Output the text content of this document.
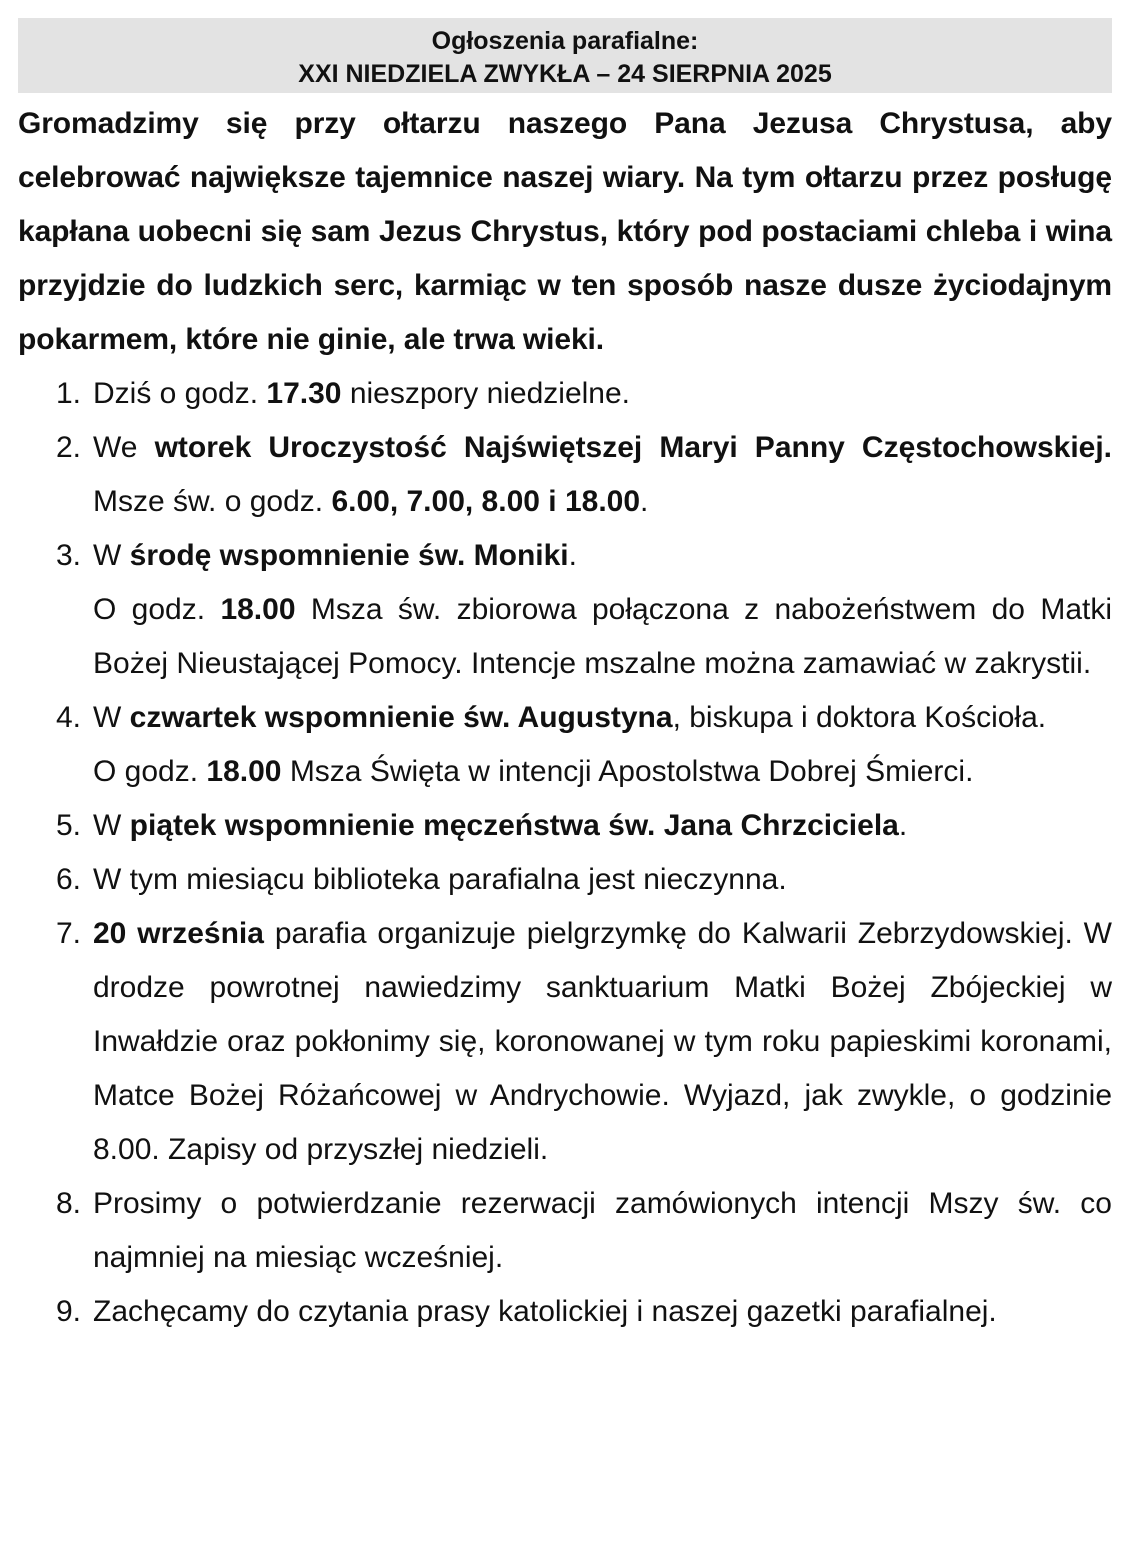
Ogłoszenia parafialne:
XXI NIEDZIELA ZWYKŁA – 24 SIERPNIA 2025
Gromadzimy się przy ołtarzu naszego Pana Jezusa Chrystusa, aby celebrować największe tajemnice naszej wiary. Na tym ołtarzu przez posługę kapłana uobecni się sam Jezus Chrystus, który pod postaciami chleba i wina przyjdzie do ludzkich serc, karmiąc w ten sposób nasze dusze życiodajnym pokarmem, które nie ginie, ale trwa wieki.
1. Dziś o godz. 17.30 nieszpory niedzielne.
2. We wtorek Uroczystość Najświętszej Maryi Panny Częstochowskiej. Msze św. o godz. 6.00, 7.00, 8.00 i 18.00.
3. W środę wspomnienie św. Moniki.
O godz. 18.00 Msza św. zbiorowa połączona z nabożeństwem do Matki Bożej Nieustającej Pomocy. Intencje mszalne można zamawiać w zakrystii.
4. W czwartek wspomnienie św. Augustyna, biskupa i doktora Kościoła.
O godz. 18.00 Msza Święta w intencji Apostolstwa Dobrej Śmierci.
5. W piątek wspomnienie męczeństwa św. Jana Chrzciciela.
6. W tym miesiącu biblioteka parafialna jest nieczynna.
7. 20 września parafia organizuje pielgrzymkę do Kalwarii Zebrzydowskiej. W drodze powrotnej nawiedzimy sanktuarium Matki Bożej Zbójeckiej w Inwałdzie oraz pokłonimy się, koronowanej w tym roku papieskimi koronami, Matce Bożej Różańcowej w Andrychowie. Wyjazd, jak zwykle, o godzinie 8.00. Zapisy od przyszłej niedzieli.
8. Prosimy o potwierdzanie rezerwacji zamówionych intencji Mszy św. co najmniej na miesiąc wcześniej.
9. Zachęcamy do czytania prasy katolickiej i naszej gazetki parafialnej.
